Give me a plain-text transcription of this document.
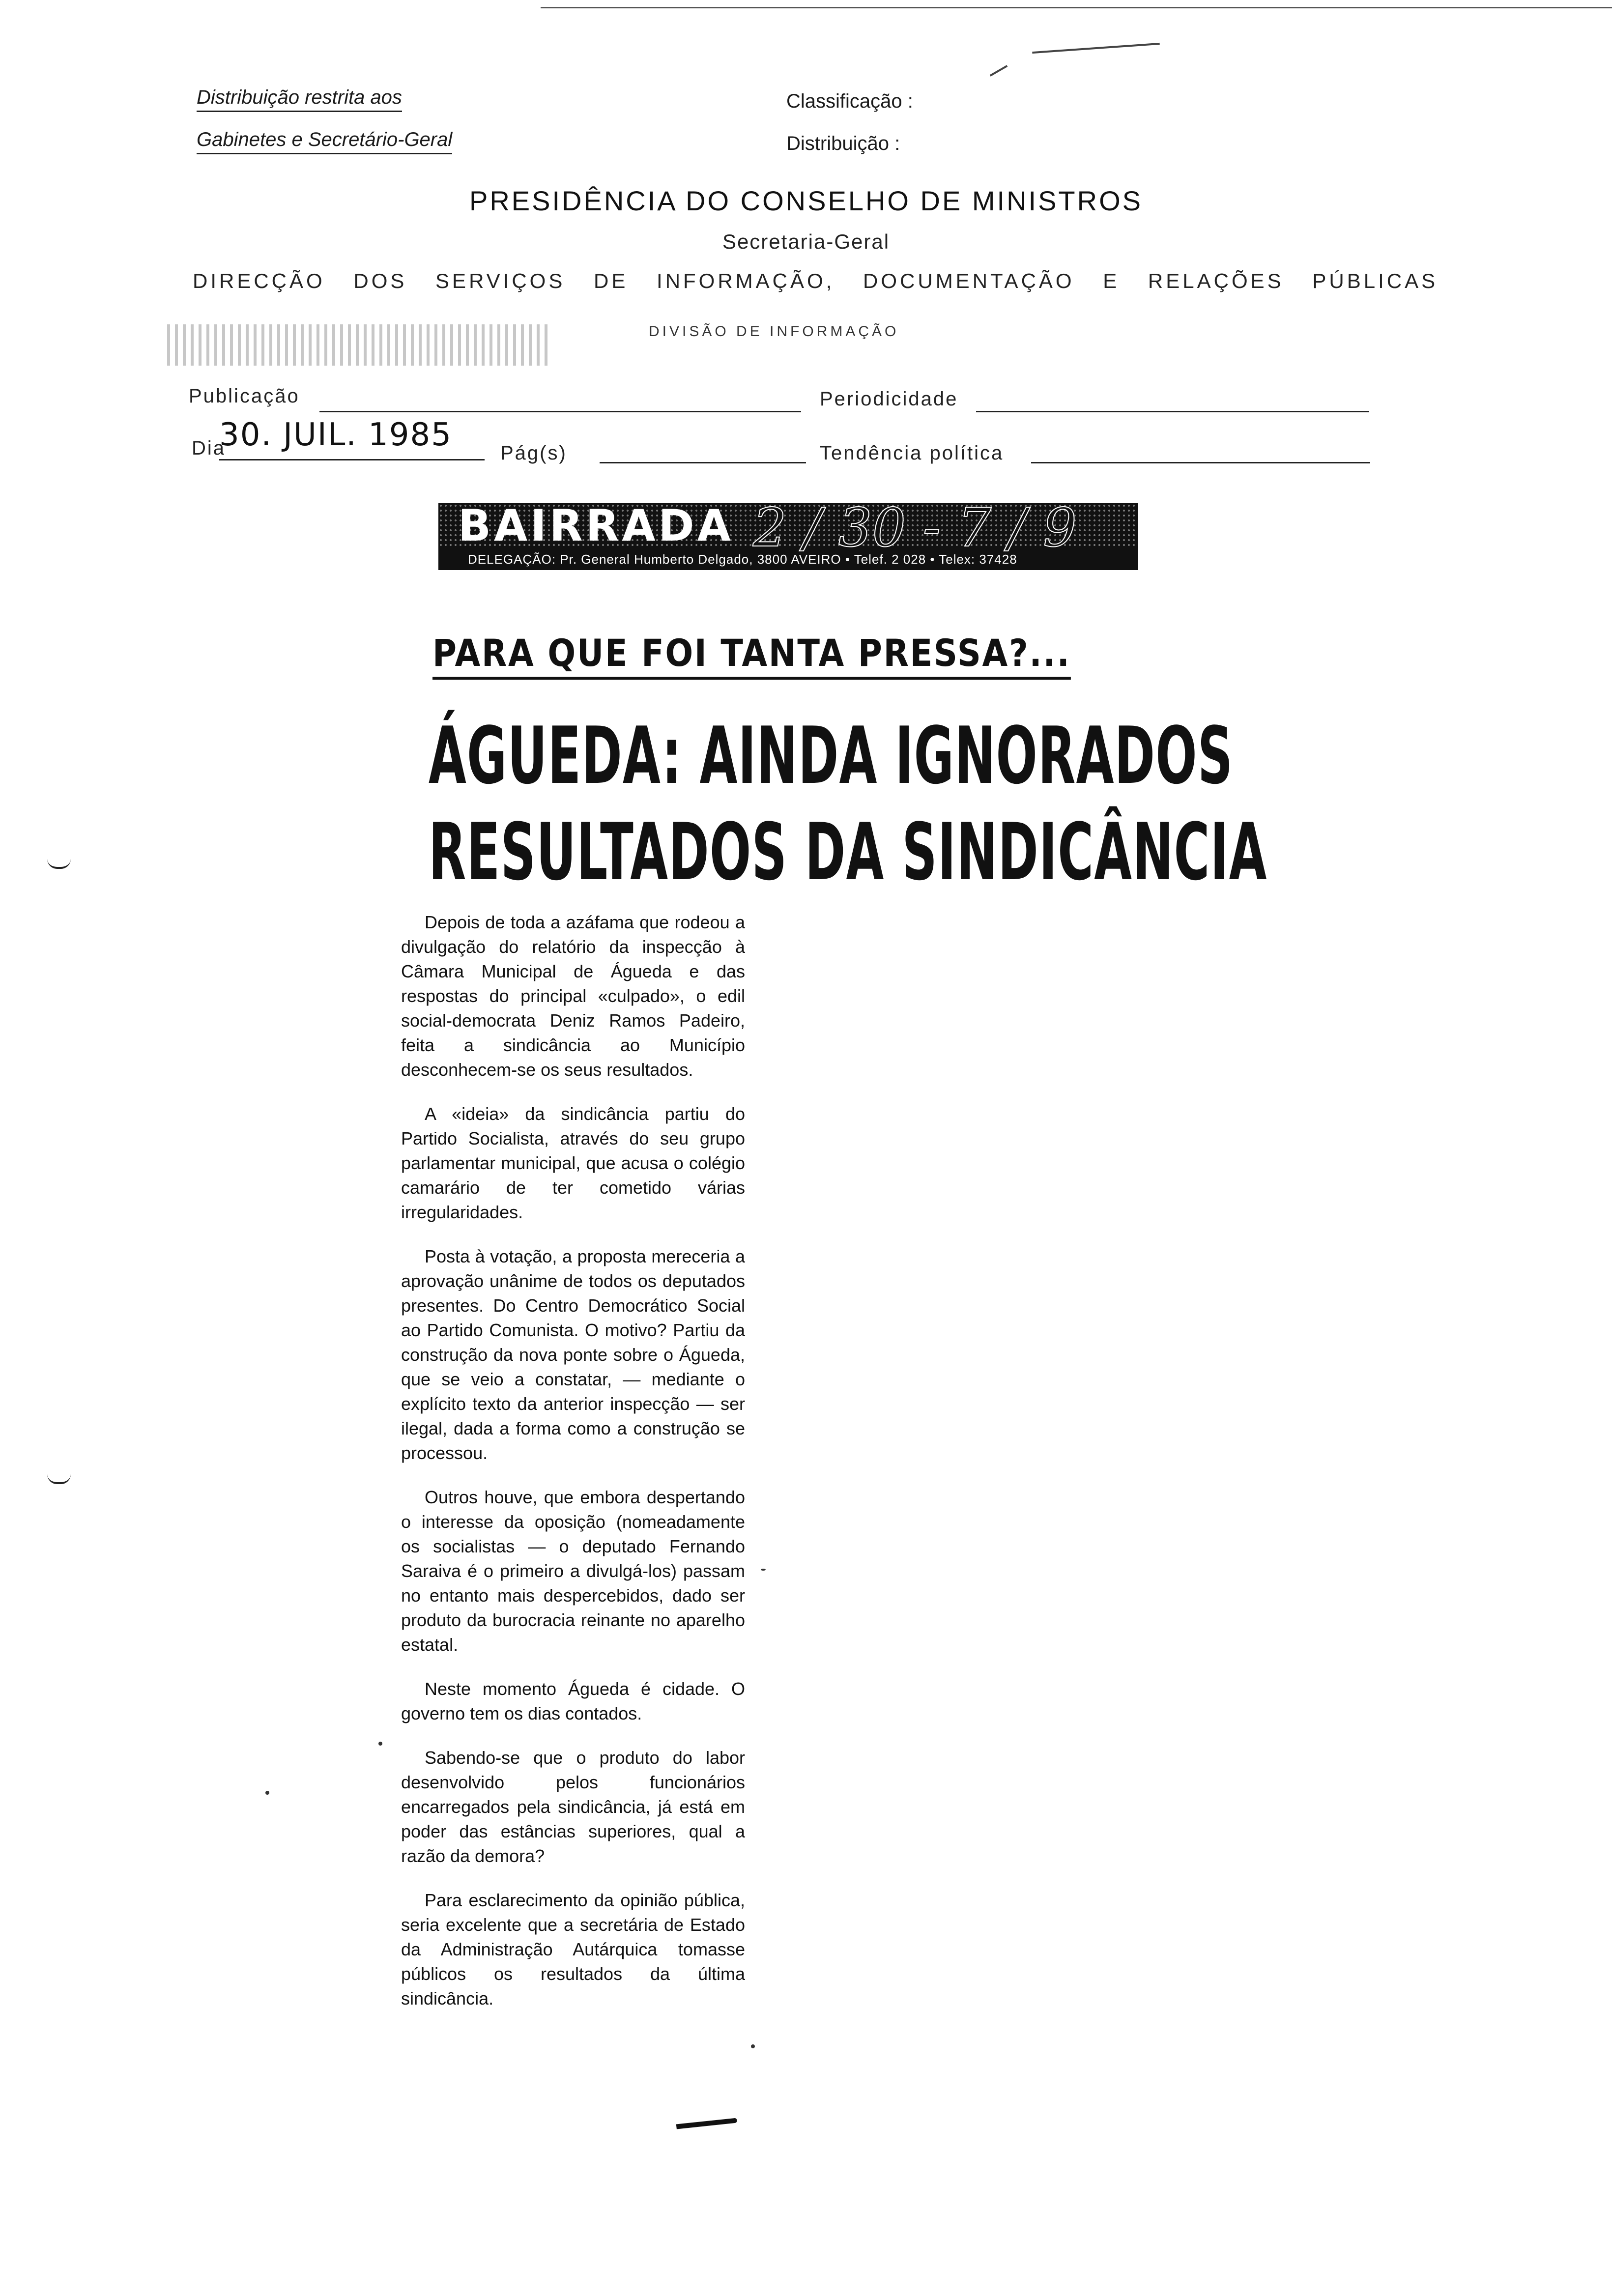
Distribuição restrita aos
Gabinetes e Secretário-Geral
Classificação :
Distribuição :
PRESIDÊNCIA DO CONSELHO DE MINISTROS
Secretaria-Geral
DIRECÇÃO DOS SERVIÇOS DE INFORMAÇÃO, DOCUMENTAÇÃO E RELAÇÕES PÚBLICAS
DIVISÃO DE INFORMAÇÃO
Publicação	Periodicidade
Dia
30. JUIL. 1985 Pág(s)	Tendência política
BAIRRADA 2 / 30 - 7 / 9
DELEGAÇÃO: Pr. General Humberto Delgado, 3800 AVEIRO • Telef. 2 028 • Telex: 37428
PARA QUE FOI TANTA PRESSA?...
ÁGUEDA: AINDA IGNORADOS
RESULTADOS DA SINDICÂNCIA

Depois de toda a azáfama que rodeou a divulgação do relatório da inspecção à Câmara Municipal de Águeda e das respostas do principal «culpado», o edil social-democrata Deniz Ramos Padeiro, feita a sindicância ao Município desconhecem-se os seus resultados.

A «ideia» da sindicância partiu do Partido Socialista, através do seu grupo parlamentar municipal, que acusa o colégio camarário de ter cometido várias irregularidades.

Posta à votação, a proposta mereceria a aprovação unânime de todos os deputados presentes. Do Centro Democrático Social ao Partido Comunista. O motivo? Partiu da construção da nova ponte sobre o Águeda, que se veio a constatar, — mediante o explícito texto da anterior inspecção — ser ilegal, dada a forma como a construção se processou.

Outros houve, que embora despertando o interesse da oposição (nomeadamente os socialistas — o deputado Fernando Saraiva é o primeiro a divulgá-los) passam no entanto mais despercebidos, dado ser produto da burocracia reinante no aparelho estatal.

Neste momento Águeda é cidade. O governo tem os dias contados.

Sabendo-se que o produto do labor desenvolvido pelos funcionários encarregados pela sindicância, já está em poder das estâncias superiores, qual a razão da demora?

Para esclarecimento da opinião pública, seria excelente que a secretária de Estado da Administração Autárquica tomasse públicos os resultados da última sindicância.
